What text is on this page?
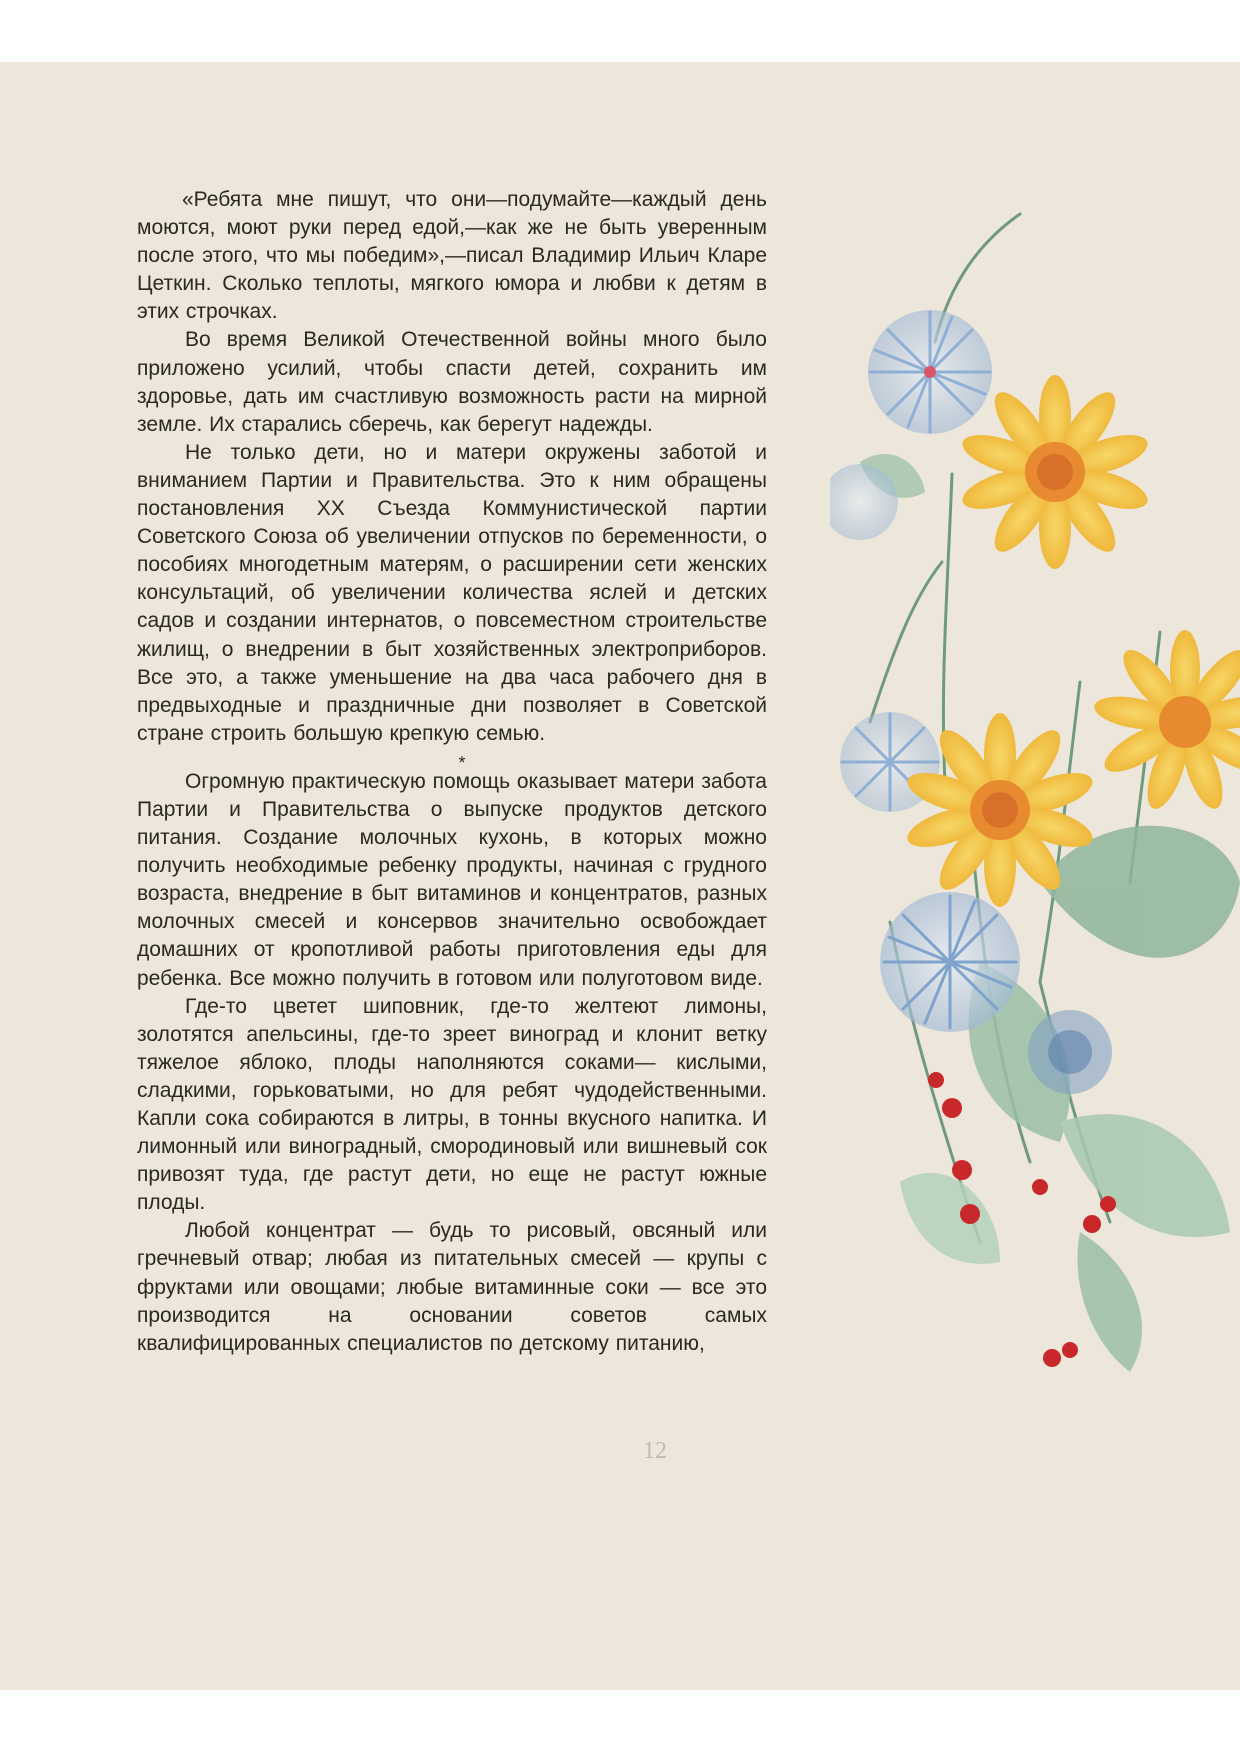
«Ребята мне пишут, что они—подумайте—каждый день моются, моют руки перед едой,—как же не быть уверенным после этого, что мы победим»,—писал Владимир Ильич Кларе Цеткин. Сколько теплоты, мягкого юмора и любви к детям в этих строчках.

Во время Великой Отечественной войны много было приложено усилий, чтобы спасти детей, сохранить им здоровье, дать им счастливую возможность расти на мирной земле. Их старались сберечь, как берегут надежды.

Не только дети, но и матери окружены заботой и вниманием Партии и Правительства. Это к ним обращены постановления XX Съезда Коммунистической партии Советского Союза об увеличении отпусков по беременности, о пособиях многодетным матерям, о расширении сети женских консультаций, об увеличении количества яслей и детских садов и создании интернатов, о повсеместном строительстве жилищ, о внедрении в быт хозяйственных электроприборов. Все это, а также уменьшение на два часа рабочего дня в предвыходные и праздничные дни позволяет в Советской стране строить большую крепкую семью.

*

Огромную практическую помощь оказывает матери забота Партии и Правительства о выпуске продуктов детского питания. Создание молочных кухонь, в которых можно получить необходимые ребенку продукты, начиная с грудного возраста, внедрение в быт витаминов и концентратов, разных молочных смесей и консервов значительно освобождает домашних от кропотливой работы приготовления еды для ребенка. Все можно получить в готовом или полуготовом виде.

Где-то цветет шиповник, где-то желтеют лимоны, золотятся апельсины, где-то зреет виноград и клонит ветку тяжелое яблоко, плоды наполняются соками— кислыми, сладкими, горьковатыми, но для ребят чудодейственными. Капли сока собираются в литры, в тонны вкусного напитка. И лимонный или виноградный, смородиновый или вишневый сок привозят туда, где растут дети, но еще не растут южные плоды.

Любой концентрат — будь то рисовый, овсяный или гречневый отвар; любая из питательных смесей — крупы с фруктами или овощами; любые витаминные соки — все это производится на основании советов самых квалифицированных специалистов по детскому питанию,

12
